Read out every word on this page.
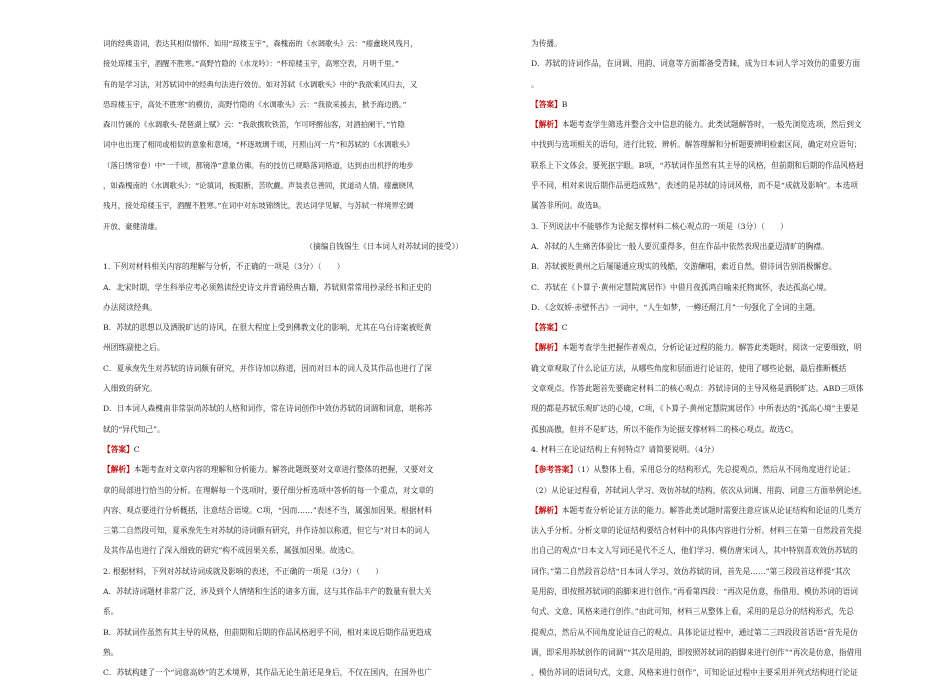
词的经典语词，表达其相似情怀。如用“琼楼玉宇”，森槐南的《水调歌头》云：“瘗盦晓风残月，

接处琼楼玉宇，酒醒不胜寒。”高野竹隐的《水龙吟》：“杯琼楼玉宇，高寒空表，月明千里。”

有的是学习法，对苏轼词中的经典句法进行效仿。如对苏轼《水调歌头》中的“我欲乘风归去，又

恐琼楼玉宇，高处不胜寒”的模仿，高野竹隐的《水调歌头》云：“我欲采援去，掀予海边鸥。”

森川竹磎的《水调歌头·琵琶湖上赋》云：“我欲携吹铁笛，乍可呼醉仙客，对酒拍阑干。”竹隐

词中也出现了相同或相似的意象和意境，“杯逐玻璃千顷，月照山河一片”和苏轼的《水调歌头》

（落日绣帘卷）中“一千顷，都镜净”意象仿佛。有的技仿已规略落词格道，达到由出机抒的地步

，如森槐南的《水调歌头》：“论填词，板眼断，苦吹觑。声装表总善同，扰道动人情。瘗盦晓风

残月，接处琼楼玉宇，酒醒不胜寒。”在词中对东坡锦绣比，表达词学见解，与苏轼一样境界宏阔

开放、豪健清雄。

（摘编自钱锡生《日本词人对苏轼词的接受》）

1. 下列对材料相关内容的理解与分析，不正确的一项是（3分）（　　）

A．北宋时期，学生科举应考必须熟读经史诗文并背诵经典古籍，苏轼则常常用抄录经书和正史的

办法阅读经典。

B．苏轼的思想以及洒脱旷达的诗风，在很大程度上受到佛教文化的影响，尤其在乌台诗案被贬黄

州团练副使之后。

C．夏承焘先生对苏轼的诗词颇有研究，并作诗加以称道，因而对日本的词人及其作品也进行了深

入细致的研究。

D．日本词人森槐南非常崇尚苏轼的人格和词作，常在诗词创作中效仿苏轼的词调和词意，堪称苏

轼的“异代知己”。

【答案】C

【解析】本题考查对文章内容的理解和分析能力。解答此题既要对文章进行整体的把握，又要对文

章的局部进行恰当的分析。在理解每一个选项时，要仔细分析选项中答析的每一个重点，对文章的

内容、观点要进行分析概括，注意结合语境。C项，“因而……”表述不当，属强加因果。根据材料

三第二自然段可知，夏承焘先生对苏轼的诗词颇有研究，并作诗加以称道，但它与“对日本的词人

及其作品也进行了深入细致的研究”构不成因果关系，属强加因果。故选C。

2. 根据材料，下列对苏轼诗词成就及影响的表述，不正确的一项是（3分）（　　）

A．苏轼诗词题材非常广泛，涉及到个人情绪和生活的诸多方面，这与其作品丰产的数量有很大关

系。

B．苏轼词作虽然有其主导的风格，但前期和后期的作品风格迥乎不同，相对来说后期作品更趋成

熟。

C．苏轼构建了一个“词意高妙”的艺术境界，其作品无论生前还是身后，不仅在国内，在国外也广

为传播。

D．苏轼的诗词作品，在词调、用韵、词意等方面都备受青睐，成为日本词人学习效仿的重要方面

。

【答案】B

【解析】本题考查学生筛选并整合文中信息的能力。此类试题解答时，一般先浏览选项，然后到文

中找到与选项相关的语句，进行比较、辨析。解答理解和分析题要辨明检索区间，确定对应语句；

联系上下文体会，要死抠字眼。B项，“苏轼词作虽然有其主导的风格，但前期和后期的作品风格迥

乎不同，相对来说后期作品更趋成熟”，表述的是苏轼的诗词风格，而不是“成就及影响”。本选项

属答非所问。故选B。

3. 下列说法中不能够作为论据支撑材料二核心观点的一项是（3分）（　　）

A．苏轼的人生痛苦体验比一般人要沉重得多，但在作品中依然表现出豪迈清旷的胸襟。

B．苏轼被贬黄州之后屡屡通应现实的残酷，交游酬唱，索近自然，借诗词告别消极懈怠。

C．苏轼在《卜算子·黄州定慧院寓居作》中借月夜孤鸿自喻来托物寓怀，表达孤高心境。

D．《念奴娇·赤壁怀古》一词中，“人生如梦，一樽还酹江月”一句强化了全词的主题。

【答案】C

【解析】本题考查学生把握作者观点，分析论证过程的能力。解答此类题时，阅读一定要细致，明

确文章观取了什么论证方法，从哪些角度和层面进行论证的，使用了哪些论据，最后推断概括

文章观点。作答此题首先要确定材料二的核心观点：苏轼诗词的主导风格是洒脱旷达。ABD三项体

现的都是苏轼乐观旷达的心境，C项，《卜算子·黄州定慧院寓居作》中所表达的“孤高心境”主要是

孤独高傲，但并不是旷达，所以不能作为论据支撑材料二的核心观点。故选C。

4. 材料三在论证结构上有何特点？请简要说明。（4分）

【参考答案】（1）从整体上看，采用总分的结构形式，先总提观点，然后从不同角度进行论证；

（2）从论证过程看，苏轼词人学习、效仿苏轼的结构，依次从词调、用韵、词意三方面举例论述。

【解析】本题考查分析论证方法的能力。解答此类试题时需要注意应该从论证结构和论证的几类方

法入手分析。分析文章的论证结构要结合材料中的具体内容进行分析。材料三在第一自然段首先提

出自己的观点“日本文人写词还是代不乏人，他们学习、模仿唐宋词人，其中特别喜欢效仿苏轼的

词作。”第二自然段首总结“日本词人学习、效仿苏轼的词，首先是……”第三段段首这样提“其次

是用韵，即按照苏轼词的韵脚来进行创作。”再看第四段：“再次是仿意，指借用、模仿苏词的语词

句式、文意、风格来进行创作。”由此可知，材料三从整体上看，采用的是总分的结构形式，先总

提观点，然后从不同角度论证自己的观点。具体论证过程中，通过第二三四段段首话语“首先是仿

调，即采用苏轼创作的词调”“其次是用韵，即按照苏轼词的韵脚来进行创作”“再次是仿意，指借用

、模仿苏词的语词句式、文意、风格来进行创作”，可知论证过程中主要采用并列式结构进行论证
